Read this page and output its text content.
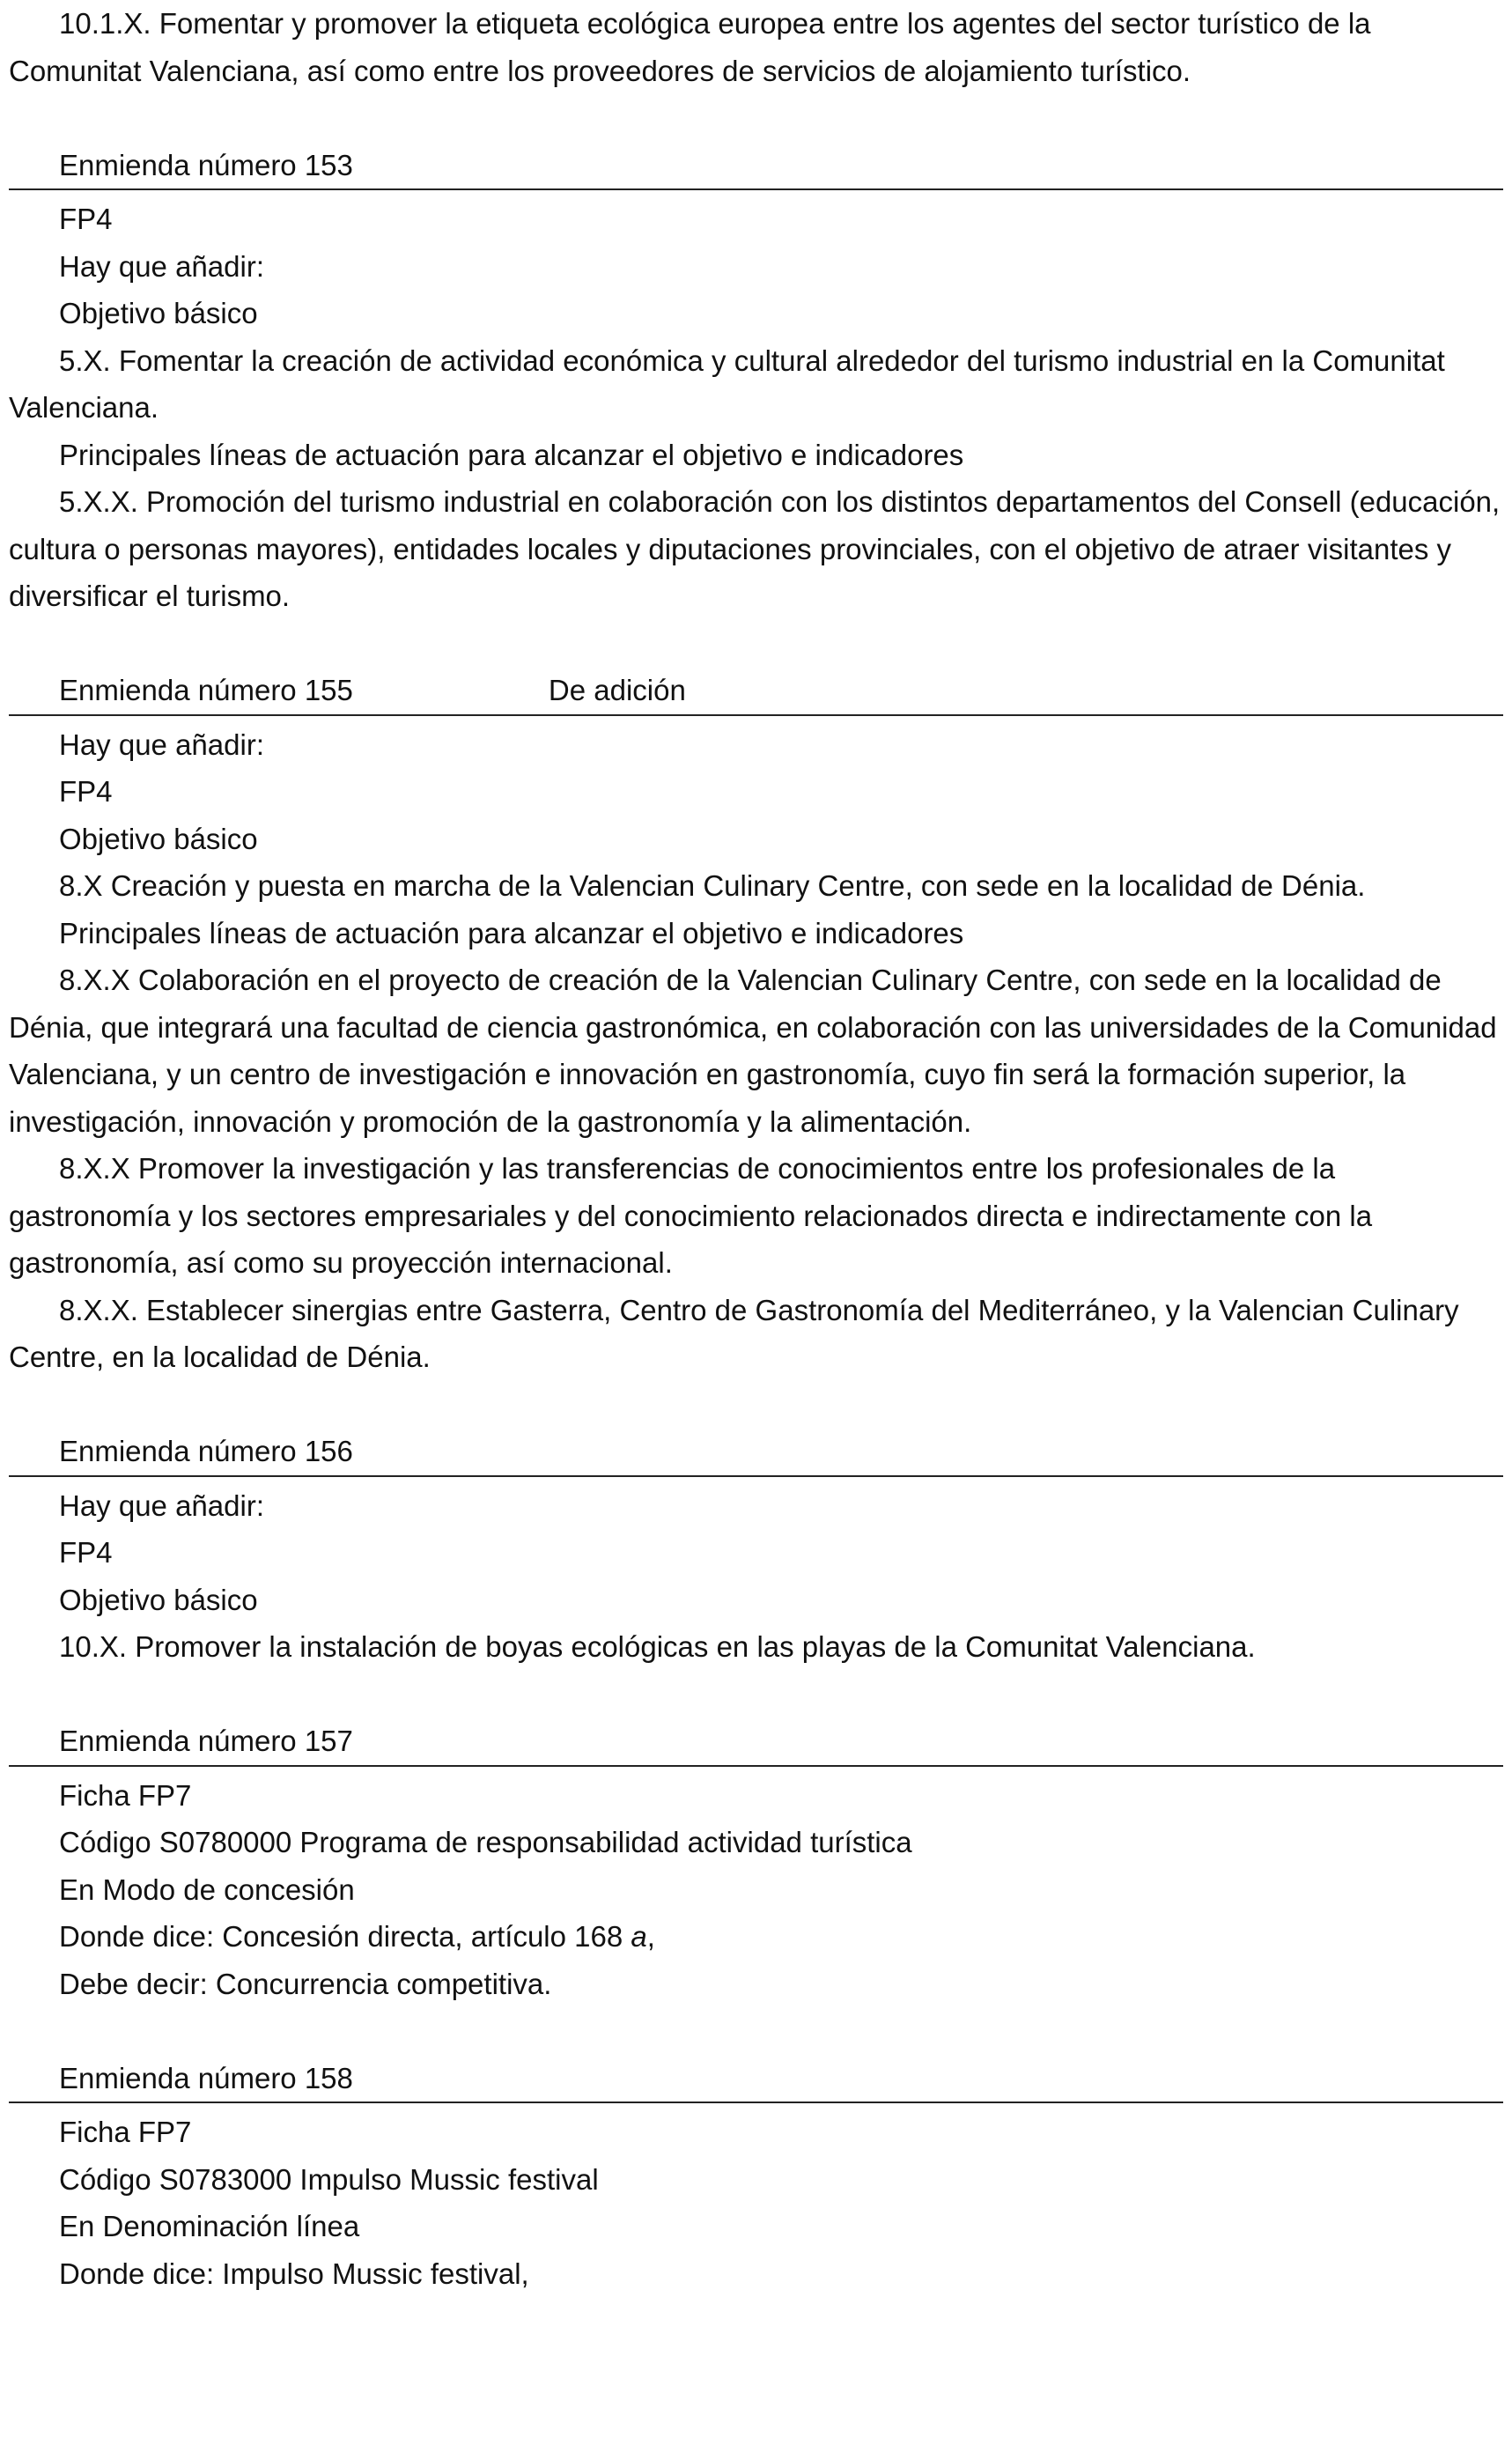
10.1.X. Fomentar y promover la etiqueta ecológica europea entre los agentes del sector turístico de la Comunitat Valenciana, así como entre los proveedores de servicios de alojamiento turístico.

Enmienda número 153

FP4

Hay que añadir:

Objetivo básico

5.X. Fomentar la creación de actividad económica y cultural alrededor del turismo industrial en la Comunitat Valenciana.

Principales líneas de actuación para alcanzar el objetivo e indicadores

5.X.X. Promoción del turismo industrial en colaboración con los distintos departamentos del Consell (educación, cultura o personas mayores), entidades locales y diputaciones provinciales, con el objetivo de atraer visitantes y diversificar el turismo.

Enmienda número 155	De adición

Hay que añadir:

FP4

Objetivo básico

8.X Creación y puesta en marcha de la Valencian Culinary Centre, con sede en la localidad de Dénia.

Principales líneas de actuación para alcanzar el objetivo e indicadores

8.X.X Colaboración en el proyecto de creación de la Valencian Culinary Centre, con sede en la localidad de Dénia, que integrará una facultad de ciencia gastronómica, en colaboración con las universidades de la Comunidad Valenciana, y un centro de investigación e innovación en gastronomía, cuyo fin será la formación superior, la investigación, innovación y promoción de la gastronomía y la alimentación.

8.X.X Promover la investigación y las transferencias de conocimientos entre los profesionales de la gastronomía y los sectores empresariales y del conocimiento relacionados directa e indirectamente con la gastronomía, así como su proyección internacional.

8.X.X. Establecer sinergias entre Gasterra, Centro de Gastronomía del Mediterráneo, y la Valencian Culinary Centre, en la localidad de Dénia.

Enmienda número 156

Hay que añadir:

FP4

Objetivo básico

10.X. Promover la instalación de boyas ecológicas en las playas de la Comunitat Valenciana.

Enmienda número 157

Ficha FP7

Código S0780000 Programa de responsabilidad actividad turística

En Modo de concesión

Donde dice: Concesión directa, artículo 168 a,

Debe decir: Concurrencia competitiva.

Enmienda número 158

Ficha FP7

Código S0783000 Impulso Mussic festival

En Denominación línea

Donde dice: Impulso Mussic festival,
